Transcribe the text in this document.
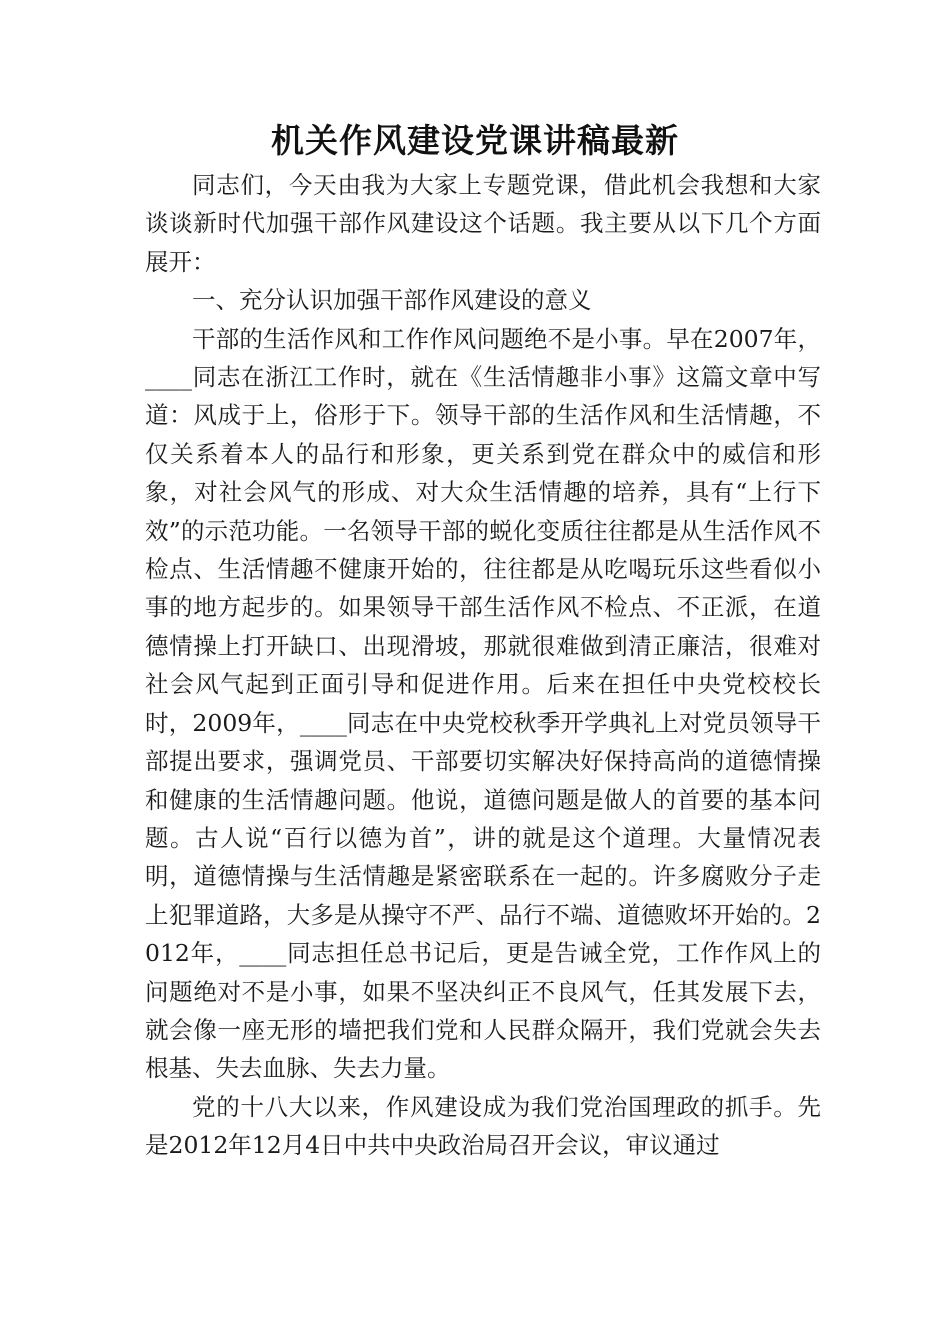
机关作风建设党课讲稿最新

同志们，今天由我为大家上专题党课，借此机会我想和大家谈谈新时代加强干部作风建设这个话题。我主要从以下几个方面展开：

一、充分认识加强干部作风建设的意义

干部的生活作风和工作作风问题绝不是小事。早在2007年，____同志在浙江工作时，就在《生活情趣非小事》这篇文章中写道：风成于上，俗形于下。领导干部的生活作风和生活情趣，不仅关系着本人的品行和形象，更关系到党在群众中的威信和形象，对社会风气的形成、对大众生活情趣的培养，具有“上行下效”的示范功能。一名领导干部的蜕化变质往往都是从生活作风不检点、生活情趣不健康开始的，往往都是从吃喝玩乐这些看似小事的地方起步的。如果领导干部生活作风不检点、不正派，在道德情操上打开缺口、出现滑坡，那就很难做到清正廉洁，很难对社会风气起到正面引导和促进作用。后来在担任中央党校校长时，2009年，____同志在中央党校秋季开学典礼上对党员领导干部提出要求，强调党员、干部要切实解决好保持高尚的道德情操和健康的生活情趣问题。他说，道德问题是做人的首要的基本问题。古人说“百行以德为首”，讲的就是这个道理。大量情况表明，道德情操与生活情趣是紧密联系在一起的。许多腐败分子走上犯罪道路，大多是从操守不严、品行不端、道德败坏开始的。2012年，____同志担任总书记后，更是告诫全党，工作作风上的问题绝对不是小事，如果不坚决纠正不良风气，任其发展下去，就会像一座无形的墙把我们党和人民群众隔开，我们党就会失去根基、失去血脉、失去力量。

党的十八大以来，作风建设成为我们党治国理政的抓手。先是2012年12月4日中共中央政治局召开会议，审议通过
